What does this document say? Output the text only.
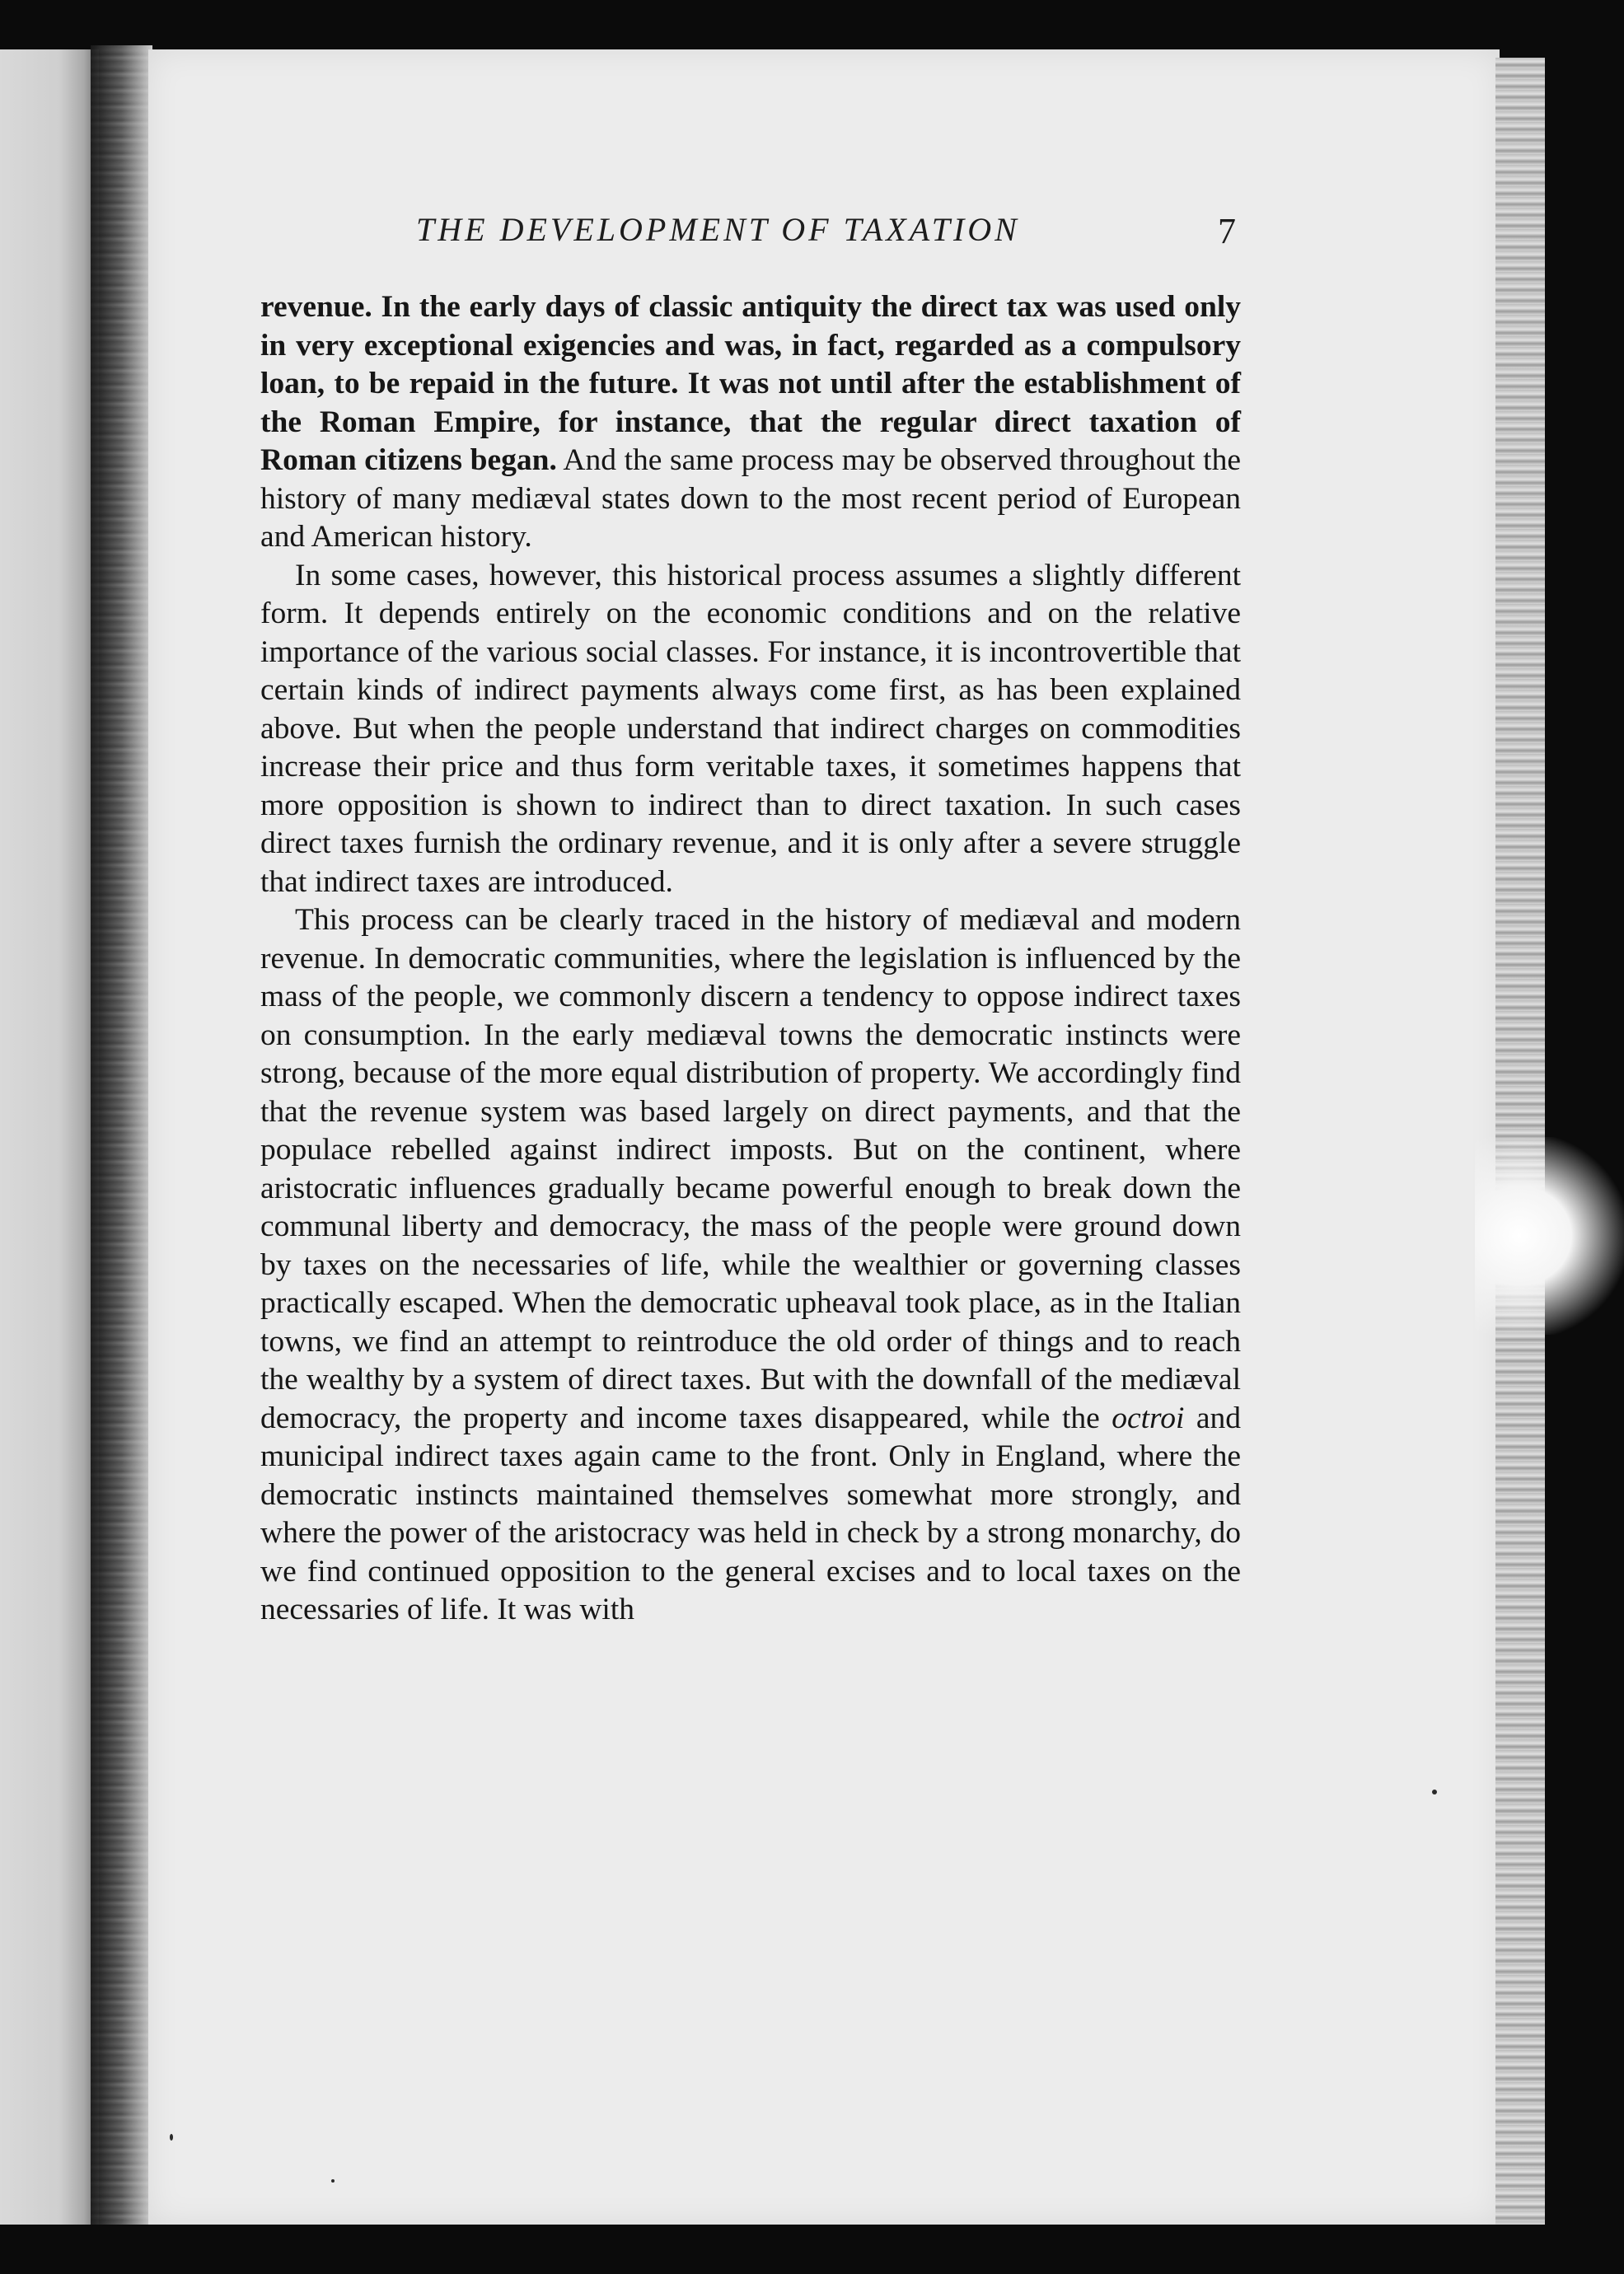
THE DEVELOPMENT OF TAXATION	7

revenue. In the early days of classic antiquity the direct tax was used only in very exceptional exigencies and was, in fact, regarded as a compulsory loan, to be repaid in the future. It was not until after the establishment of the Roman Empire, for instance, that the regular direct taxation of Roman citizens began. And the same process may be observed throughout the history of many mediæval states down to the most recent period of European and American history.

In some cases, however, this historical process assumes a slightly different form. It depends entirely on the economic conditions and on the relative importance of the various social classes. For instance, it is incontrovertible that certain kinds of indirect payments always come first, as has been explained above. But when the people understand that indirect charges on commodities increase their price and thus form veritable taxes, it sometimes happens that more opposition is shown to indirect than to direct taxation. In such cases direct taxes furnish the ordinary revenue, and it is only after a severe struggle that indirect taxes are introduced.

This process can be clearly traced in the history of mediæval and modern revenue. In democratic communities, where the legislation is influenced by the mass of the people, we commonly discern a tendency to oppose indirect taxes on consumption. In the early mediæval towns the democratic instincts were strong, because of the more equal distribution of property. We accordingly find that the revenue system was based largely on direct payments, and that the populace rebelled against indirect imposts. But on the continent, where aristocratic influences gradually became powerful enough to break down the communal liberty and democracy, the mass of the people were ground down by taxes on the necessaries of life, while the wealthier or governing classes practically escaped. When the democratic upheaval took place, as in the Italian towns, we find an attempt to reintroduce the old order of things and to reach the wealthy by a system of direct taxes. But with the downfall of the mediæval democracy, the property and income taxes disappeared, while the octroi and municipal indirect taxes again came to the front. Only in England, where the democratic instincts maintained themselves somewhat more strongly, and where the power of the aristocracy was held in check by a strong monarchy, do we find continued opposition to the general excises and to local taxes on the necessaries of life. It was with
